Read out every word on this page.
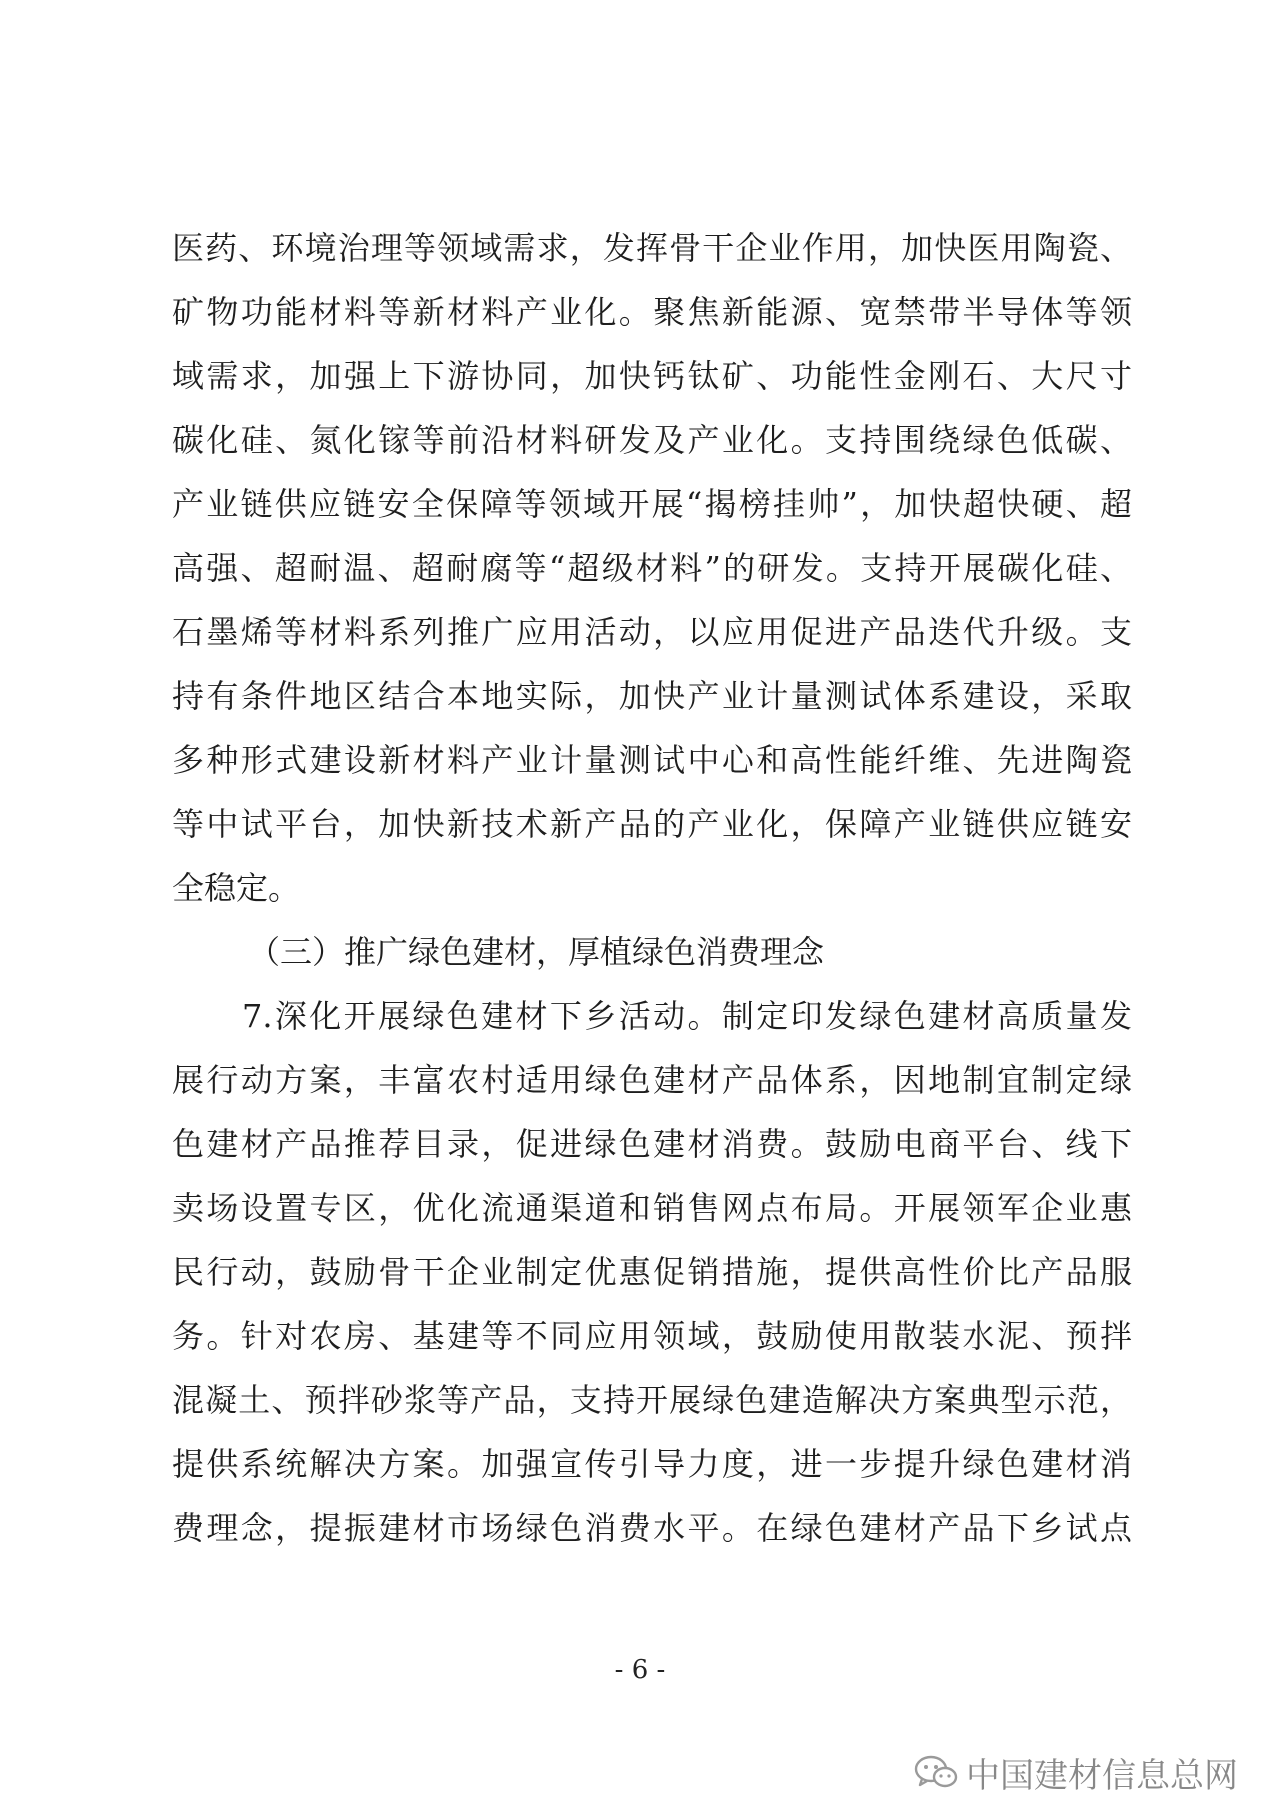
医药、环境治理等领域需求，发挥骨干企业作用，加快医用陶瓷、
矿物功能材料等新材料产业化。聚焦新能源、宽禁带半导体等领
域需求，加强上下游协同，加快钙钛矿、功能性金刚石、大尺寸
碳化硅、氮化镓等前沿材料研发及产业化。支持围绕绿色低碳、
产业链供应链安全保障等领域开展“揭榜挂帅”，加快超快硬、超
高强、超耐温、超耐腐等“超级材料”的研发。支持开展碳化硅、
石墨烯等材料系列推广应用活动，以应用促进产品迭代升级。支
持有条件地区结合本地实际，加快产业计量测试体系建设，采取
多种形式建设新材料产业计量测试中心和高性能纤维、先进陶瓷
等中试平台，加快新技术新产品的产业化，保障产业链供应链安
全稳定。
（三）推广绿色建材，厚植绿色消费理念
7.深化开展绿色建材下乡活动。制定印发绿色建材高质量发
展行动方案，丰富农村适用绿色建材产品体系，因地制宜制定绿
色建材产品推荐目录，促进绿色建材消费。鼓励电商平台、线下
卖场设置专区，优化流通渠道和销售网点布局。开展领军企业惠
民行动，鼓励骨干企业制定优惠促销措施，提供高性价比产品服
务。针对农房、基建等不同应用领域，鼓励使用散装水泥、预拌
混凝土、预拌砂浆等产品，支持开展绿色建造解决方案典型示范，
提供系统解决方案。加强宣传引导力度，进一步提升绿色建材消
费理念，提振建材市场绿色消费水平。在绿色建材产品下乡试点
- 6 -
中国建材信息总网
